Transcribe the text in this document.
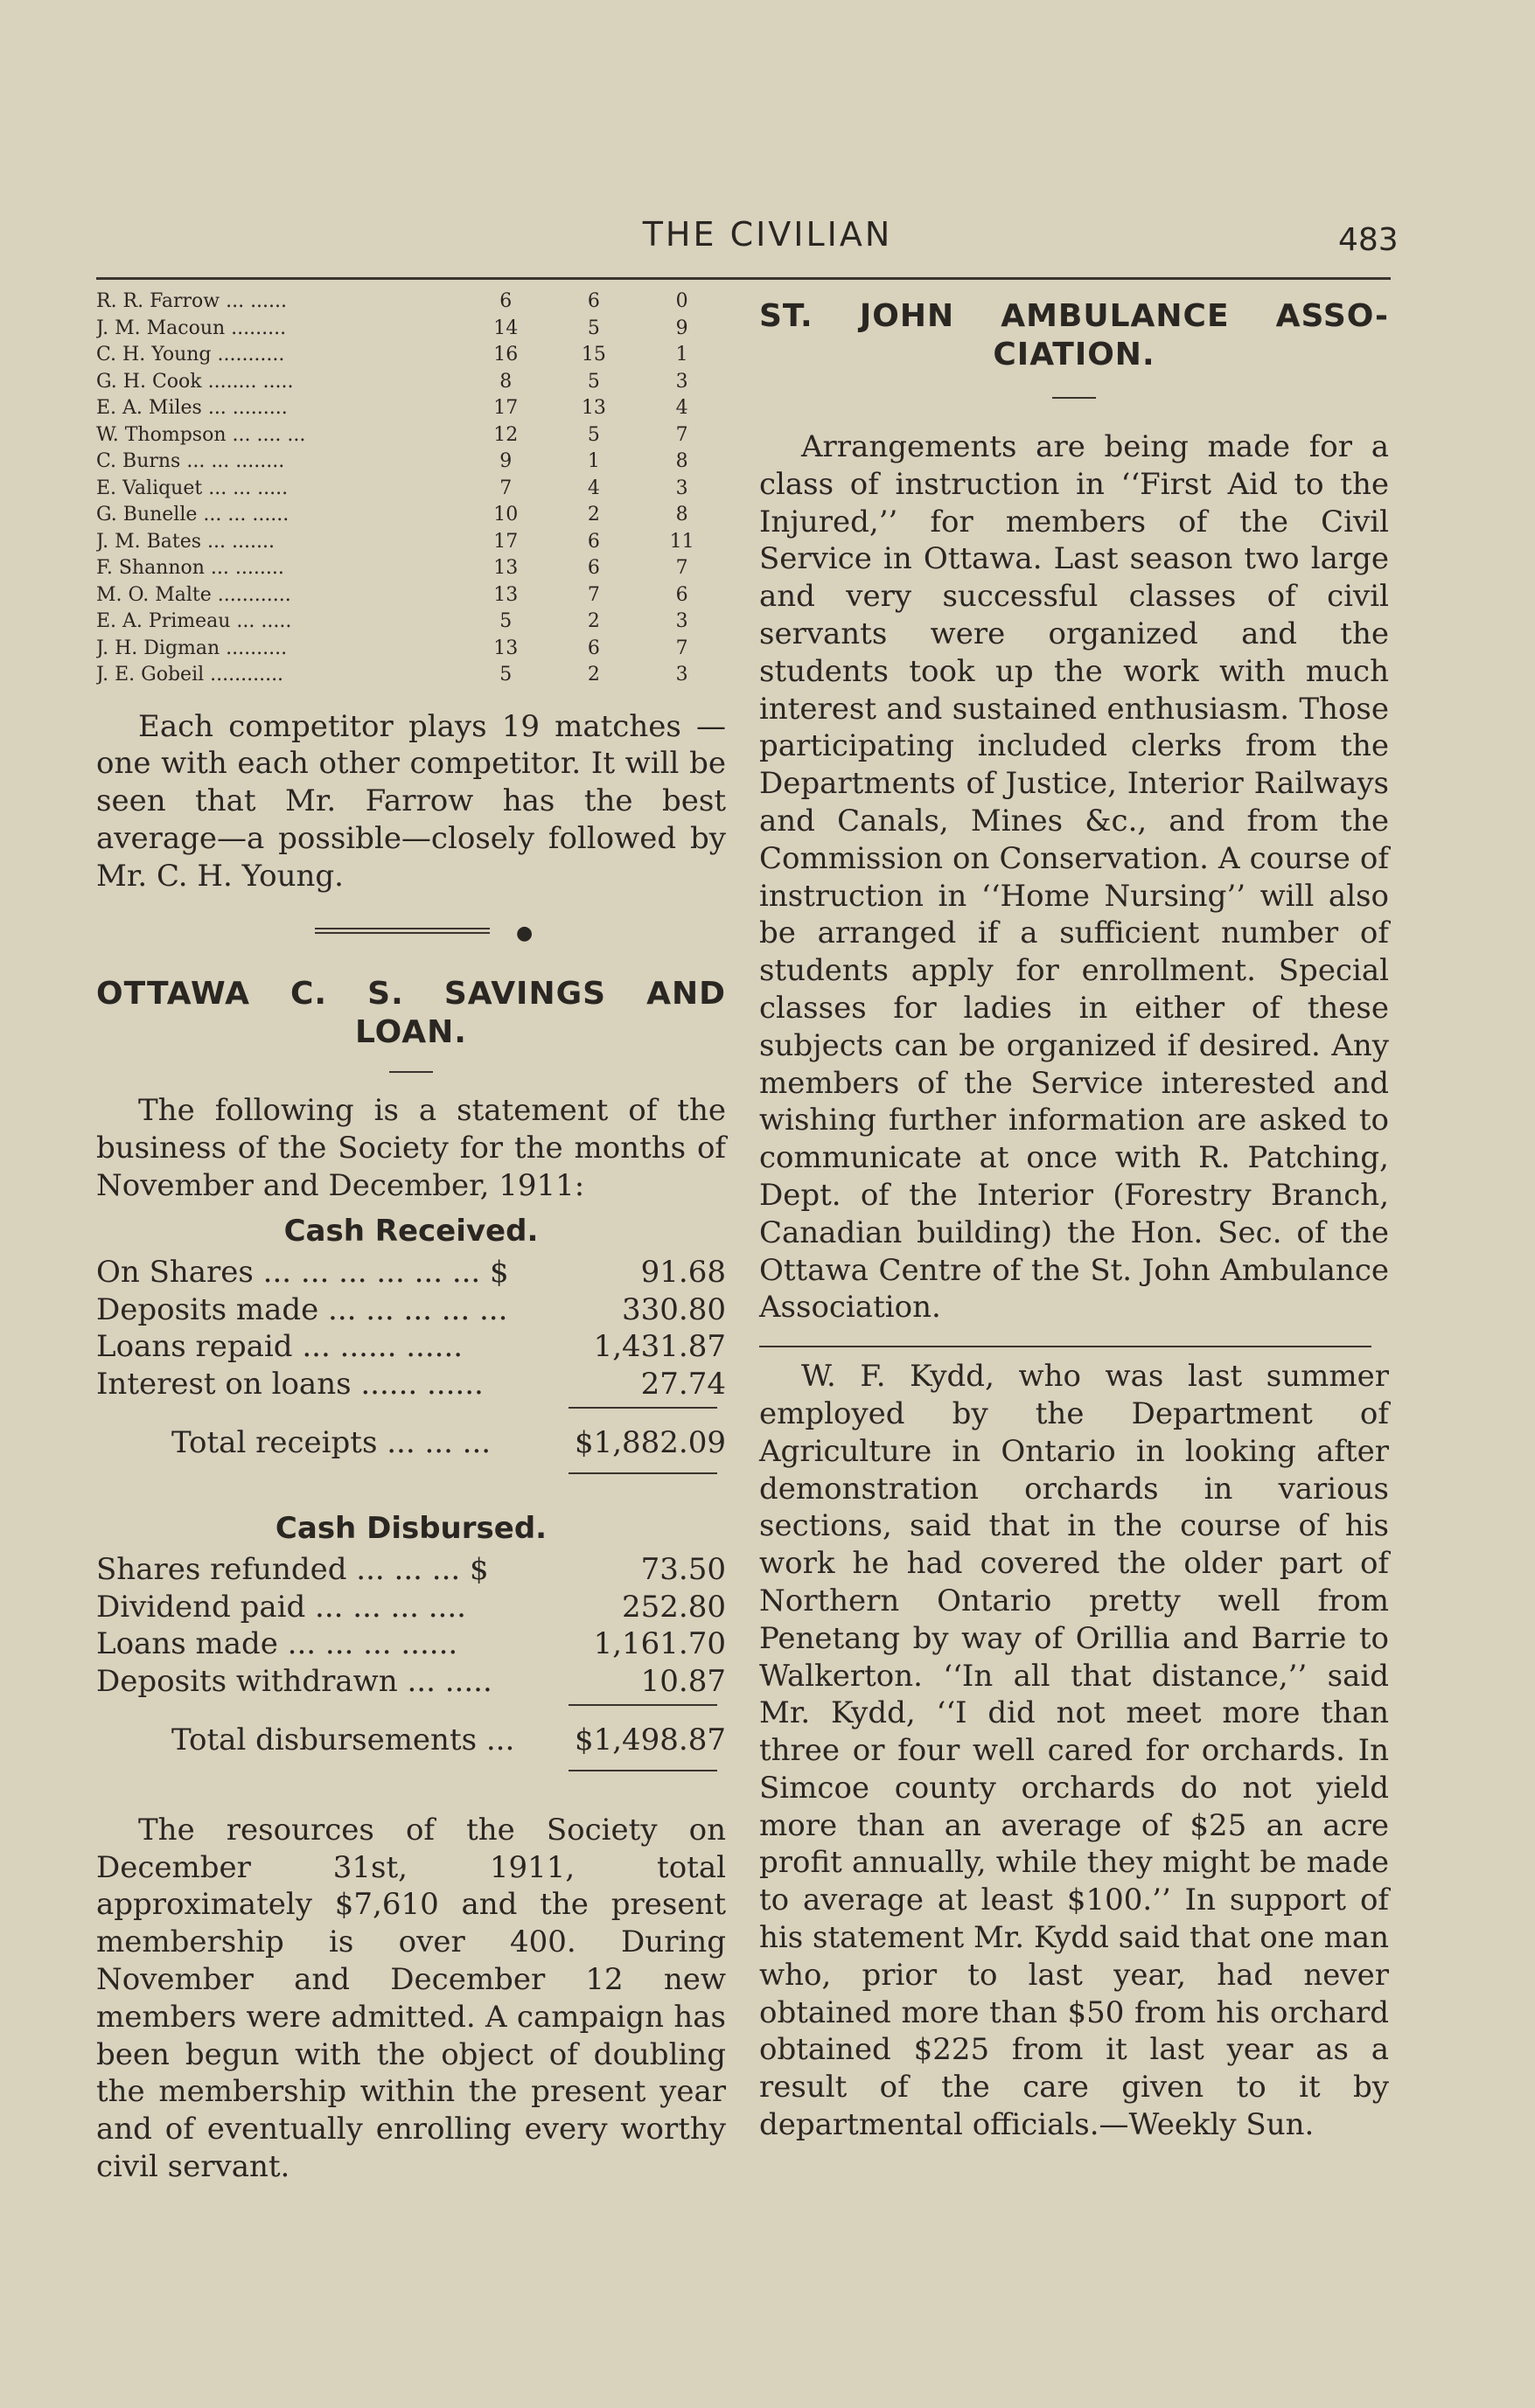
THE CIVILIAN	483
R. R. Farrow ... ......	6	6	0
J. M. Macoun .........	14	5	9
C. H. Young ...........	16	15	1
G. H. Cook ........ .....	8	5	3
E. A. Miles ... .........	17	13	4
W. Thompson ... .... ...	12	5	7
C. Burns ... ... ........	9	1	8
E. Valiquet ... ... .....	7	4	3
G. Bunelle ... ... ......	10	2	8
J. M. Bates ... .......	17	6	11
F. Shannon ... ........	13	6	7
M. O. Malte ............	13	7	6
E. A. Primeau ... .....	5	2	3
J. H. Digman ..........	13	6	7
J. E. Gobeil ............	5	2	3

Each competitor plays 19 matches —one with each other competitor. It will be seen that Mr. Farrow has the best average—a possible—closely followed by Mr. C. H. Young.

●

OTTAWA C. S. SAVINGS AND

LOAN.

The following is a statement of the business of the Society for the months of November and December, 1911:

Cash Received.
On Shares ... ... ... ... ... ... $	91.68
Deposits made ... ... ... ... ...	330.80
Loans repaid ... ...... ......	1,431.87
Interest on loans ...... ......	27.74
Total receipts ... ... ...	$1,882.09
Cash Disbursed.
Shares refunded ... ... ... $	73.50
Dividend paid ... ... ... ....	252.80
Loans made ... ... ... ......	1,161.70
Deposits withdrawn ... .....	10.87
Total disbursements ... $1,498.87

The resources of the Society on December 31st, 1911, total approximately $7,610 and the present membership is over 400. During November and December 12 new members were admitted. A campaign has been begun with the object of doubling the membership within the present year and of eventually enrolling every worthy civil servant.

ST. JOHN AMBULANCE ASSO-

CIATION.

Arrangements are being made for a class of instruction in ‘‘First Aid to the Injured,’’ for members of the Civil Service in Ottawa. Last season two large and very successful classes of civil servants were organized and the students took up the work with much interest and sustained enthusiasm. Those participating included clerks from the Departments of Justice, Interior Railways and Canals, Mines &c., and from the Commission on Conservation. A course of instruction in ‘‘Home Nursing’’ will also be arranged if a sufficient number of students apply for enrollment. Special classes for ladies in either of these subjects can be organized if desired. Any members of the Service interested and wishing further information are asked to communicate at once with R. Patching, Dept. of the Interior (Forestry Branch, Canadian building) the Hon. Sec. of the Ottawa Centre of the St. John Ambulance Association.

W. F. Kydd, who was last summer employed by the Department of Agriculture in Ontario in looking after demonstration orchards in various sections, said that in the course of his work he had covered the older part of Northern Ontario pretty well from Penetang by way of Orillia and Barrie to Walkerton. ‘‘In all that distance,’’ said Mr. Kydd, ‘‘I did not meet more than three or four well cared for orchards. In Simcoe county orchards do not yield more than an average of $25 an acre profit annually, while they might be made to average at least $100.’’ In support of his statement Mr. Kydd said that one man who, prior to last year, had never obtained more than $50 from his orchard obtained $225 from it last year as a result of the care given to it by departmental officials.—Weekly Sun.
